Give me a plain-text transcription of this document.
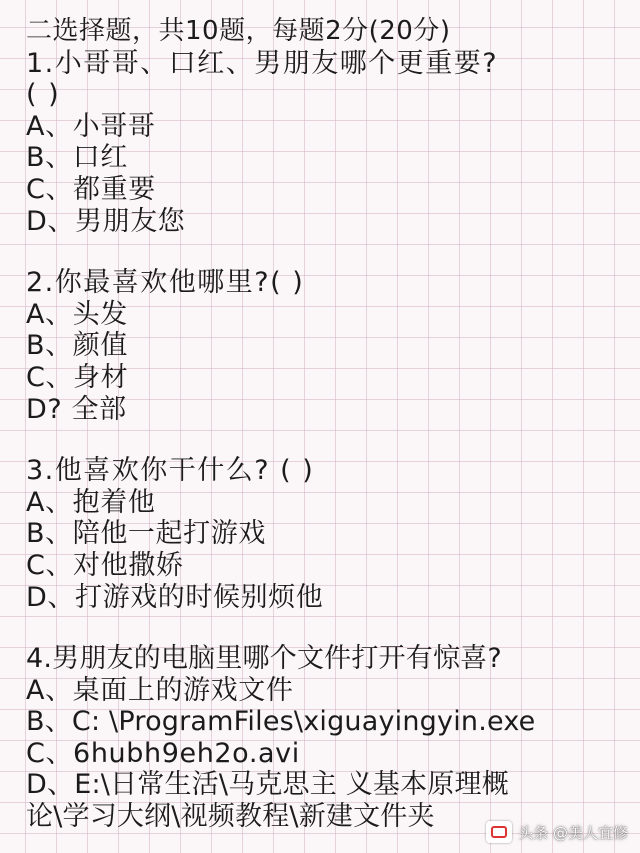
二选择题，共10题，每题2分(20分)
1.小哥哥、口红、男朋友哪个更重要?
( )
A、小哥哥
B、口红
C、都重要
D、男朋友您
2.你最喜欢他哪里?( )
A、头发
B、颜值
C、身材
D? 全部
3.他喜欢你干什么? ( )
A、抱着他
B、陪他一起打游戏
C、对他撒娇
D、打游戏的时候别烦他
4.男朋友的电脑里哪个文件打开有惊喜?
A、桌面上的游戏文件
B、C: \ProgramFiles\xiguayingyin.exe
C、6hubh9eh2o.avi
D、E:\日常生活\马克思主 义基本原理概
论\学习大纲\视频教程\新建文件夹
头条 @美人宜修
